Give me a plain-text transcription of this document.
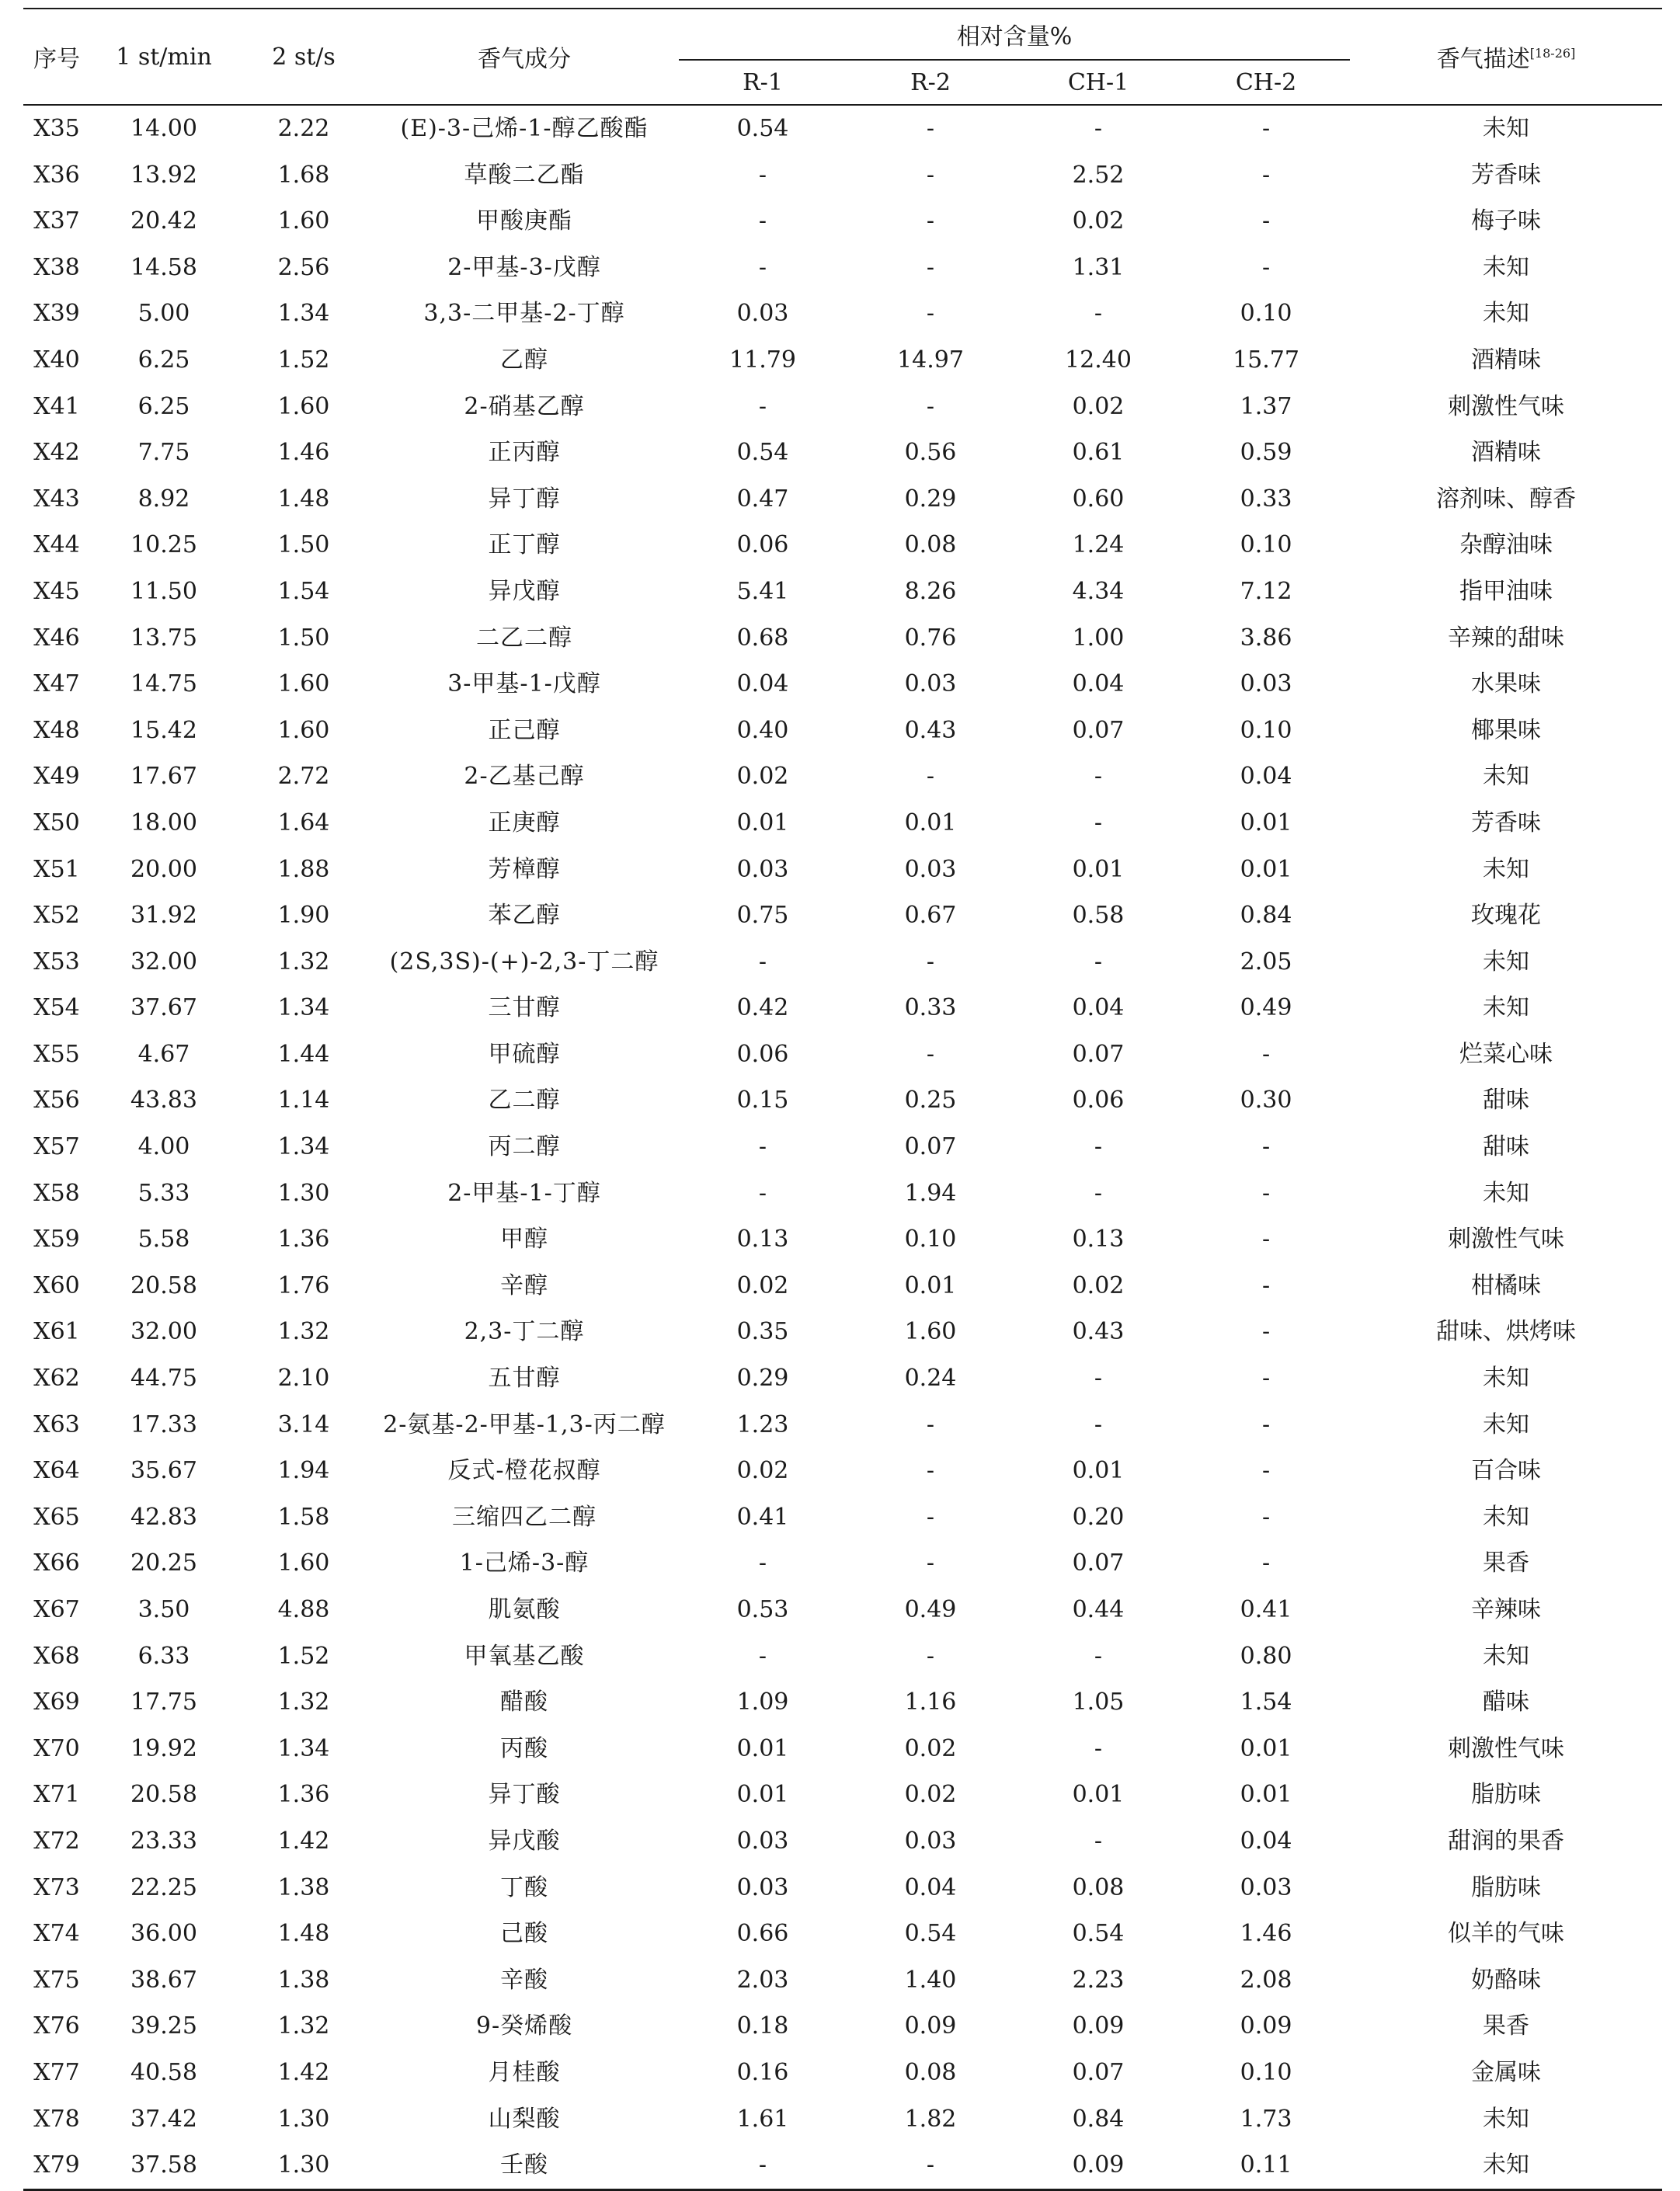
序号	1 st/min	2 st/s	香气成分	相对含量%				香气描述[18-26]
				R-1	R-2	CH-1	CH-2	

X35	14.00	2.22	(E)-3-己烯-1-醇乙酸酯	0.54	-	-	-	未知
X36	13.92	1.68	草酸二乙酯	-	-	2.52	-	芳香味
X37	20.42	1.60	甲酸庚酯	-	-	0.02	-	梅子味
X38	14.58	2.56	2-甲基-3-戊醇	-	-	1.31	-	未知
X39	5.00	1.34	3,3-二甲基-2-丁醇	0.03	-	-	0.10	未知
X40	6.25	1.52	乙醇	11.79	14.97	12.40	15.77	酒精味
X41	6.25	1.60	2-硝基乙醇	-	-	0.02	1.37	刺激性气味
X42	7.75	1.46	正丙醇	0.54	0.56	0.61	0.59	酒精味
X43	8.92	1.48	异丁醇	0.47	0.29	0.60	0.33	溶剂味、醇香
X44	10.25	1.50	正丁醇	0.06	0.08	1.24	0.10	杂醇油味
X45	11.50	1.54	异戊醇	5.41	8.26	4.34	7.12	指甲油味
X46	13.75	1.50	二乙二醇	0.68	0.76	1.00	3.86	辛辣的甜味
X47	14.75	1.60	3-甲基-1-戊醇	0.04	0.03	0.04	0.03	水果味
X48	15.42	1.60	正己醇	0.40	0.43	0.07	0.10	椰果味
X49	17.67	2.72	2-乙基己醇	0.02	-	-	0.04	未知
X50	18.00	1.64	正庚醇	0.01	0.01	-	0.01	芳香味
X51	20.00	1.88	芳樟醇	0.03	0.03	0.01	0.01	未知
X52	31.92	1.90	苯乙醇	0.75	0.67	0.58	0.84	玫瑰花
X53	32.00	1.32	(2S,3S)-(+)-2,3-丁二醇	-	-	-	2.05	未知
X54	37.67	1.34	三甘醇	0.42	0.33	0.04	0.49	未知
X55	4.67	1.44	甲硫醇	0.06	-	0.07	-	烂菜心味
X56	43.83	1.14	乙二醇	0.15	0.25	0.06	0.30	甜味
X57	4.00	1.34	丙二醇	-	0.07	-	-	甜味
X58	5.33	1.30	2-甲基-1-丁醇	-	1.94	-	-	未知
X59	5.58	1.36	甲醇	0.13	0.10	0.13	-	刺激性气味
X60	20.58	1.76	辛醇	0.02	0.01	0.02	-	柑橘味
X61	32.00	1.32	2,3-丁二醇	0.35	1.60	0.43	-	甜味、烘烤味
X62	44.75	2.10	五甘醇	0.29	0.24	-	-	未知
X63	17.33	3.14	2-氨基-2-甲基-1,3-丙二醇	1.23	-	-	-	未知
X64	35.67	1.94	反式-橙花叔醇	0.02	-	0.01	-	百合味
X65	42.83	1.58	三缩四乙二醇	0.41	-	0.20	-	未知
X66	20.25	1.60	1-己烯-3-醇	-	-	0.07	-	果香
X67	3.50	4.88	肌氨酸	0.53	0.49	0.44	0.41	辛辣味
X68	6.33	1.52	甲氧基乙酸	-	-	-	0.80	未知
X69	17.75	1.32	醋酸	1.09	1.16	1.05	1.54	醋味
X70	19.92	1.34	丙酸	0.01	0.02	-	0.01	刺激性气味
X71	20.58	1.36	异丁酸	0.01	0.02	0.01	0.01	脂肪味
X72	23.33	1.42	异戊酸	0.03	0.03	-	0.04	甜润的果香
X73	22.25	1.38	丁酸	0.03	0.04	0.08	0.03	脂肪味
X74	36.00	1.48	己酸	0.66	0.54	0.54	1.46	似羊的气味
X75	38.67	1.38	辛酸	2.03	1.40	2.23	2.08	奶酪味
X76	39.25	1.32	9-癸烯酸	0.18	0.09	0.09	0.09	果香
X77	40.58	1.42	月桂酸	0.16	0.08	0.07	0.10	金属味
X78	37.42	1.30	山梨酸	1.61	1.82	0.84	1.73	未知
X79	37.58	1.30	壬酸	-	-	0.09	0.11	未知
